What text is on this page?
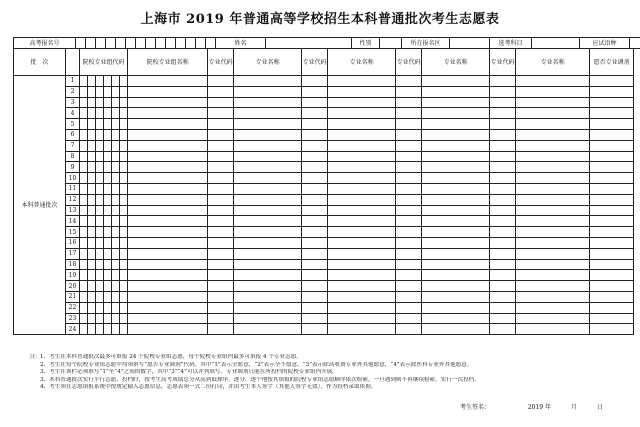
上海市 2019 年普通高等学校招生本科普通批次考生志愿表
高考报名号															姓名		性别		所在报名区		选考科目		应试语种	
批　次		院校专业组代码						院校专业组名称	专业代码	专业名称	专业代码	专业名称	专业代码	专业名称	专业代码	专业名称	愿否专业调剂
本科普通批次	1																
	2																
	3																
	4																
	5																
	6																
	7																
	8																
	9																
	10																
	11																
	12																
	13																
	14																
	15																
	16																
	17																
	18																
	19																
	20																
	21																
	22																
	23																
	24																
注：1、考生在本科普通批次最多可填报 24 个院校专业组志愿，每个院校专业组内最多可填报 4 个专业志愿。
2、考生在每个院校专业组志愿中均须填写“愿否专业调剂”代码。其中“1”表示全愿意，“2”表示全不愿意，“3”表示除高收费专业外其他愿意，“4”表示除医科专业外其他愿意。
3、考生在该栏必须填写“1”至“4”之间的数字，其中“3”“4”可以并列填写。专业调剂只能在所投档的院校专业组内开展。
3、本科普通批次实行平行志愿、投档时，按考生高考成绩总分从高到低排序，逐分、逐个地按其填报的院校专业组志愿顺序依次检索，一旦遇到则不再继续检索，实行一次投档。
4、考生须在志愿填报系统中按规定输入志愿信息，志愿表须一式二份打印，并由考生本人签字（其他人签字无效），作为投档录取依据。
考生签名：	2019 年	月	日
